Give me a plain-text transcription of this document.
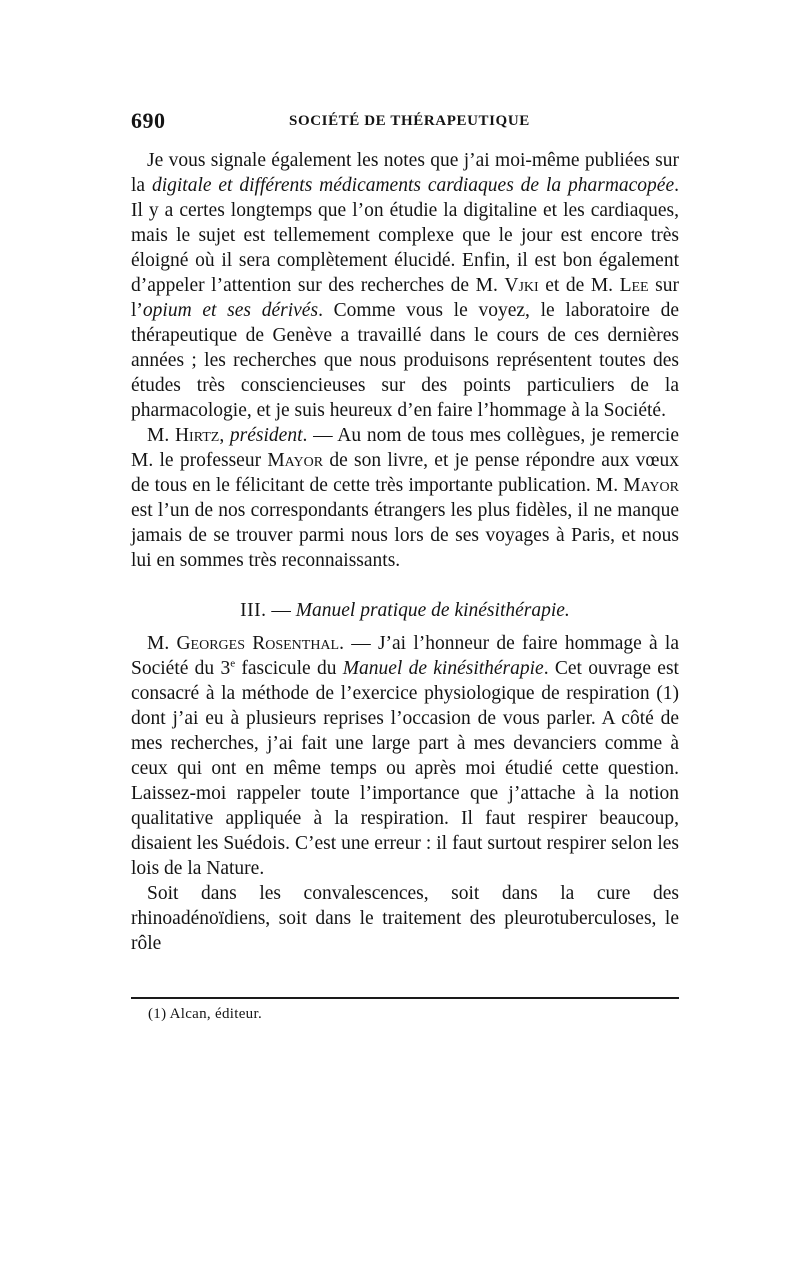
690	SOCIÉTÉ DE THÉRAPEUTIQUE

Je vous signale également les notes que j’ai moi-même publiées sur la digitale et différents médicaments cardiaques de la pharmacopée. Il y a certes longtemps que l’on étudie la digitaline et les cardiaques, mais le sujet est tellemement complexe que le jour est encore très éloigné où il sera complètement élucidé. Enfin, il est bon également d’appeler l’attention sur des recherches de M. Vjki et de M. Lee sur l’opium et ses dérivés. Comme vous le voyez, le laboratoire de thérapeutique de Genève a travaillé dans le cours de ces dernières années ; les recherches que nous produisons représentent toutes des études très consciencieuses sur des points particuliers de la pharmacologie, et je suis heureux d’en faire l’hommage à la Société.

M. Hirtz, président. — Au nom de tous mes collègues, je remercie M. le professeur Mayor de son livre, et je pense répondre aux vœux de tous en le félicitant de cette très importante publication. M. Mayor est l’un de nos correspondants étrangers les plus fidèles, il ne manque jamais de se trouver parmi nous lors de ses voyages à Paris, et nous lui en sommes très reconnaissants.

III. — Manuel pratique de kinésithérapie.

M. Georges Rosenthal. — J’ai l’honneur de faire hommage à la Société du 3e fascicule du Manuel de kinésithérapie. Cet ouvrage est consacré à la méthode de l’exercice physiologique de respiration (1) dont j’ai eu à plusieurs reprises l’occasion de vous parler. A côté de mes recherches, j’ai fait une large part à mes devanciers comme à ceux qui ont en même temps ou après moi étudié cette question. Laissez-moi rappeler toute l’importance que j’attache à la notion qualitative appliquée à la respiration. Il faut respirer beaucoup, disaient les Suédois. C’est une erreur : il faut surtout respirer selon les lois de la Nature.

Soit dans les convalescences, soit dans la cure des rhinoadénoïdiens, soit dans le traitement des pleurotuberculoses, le rôle

(1) Alcan, éditeur.
